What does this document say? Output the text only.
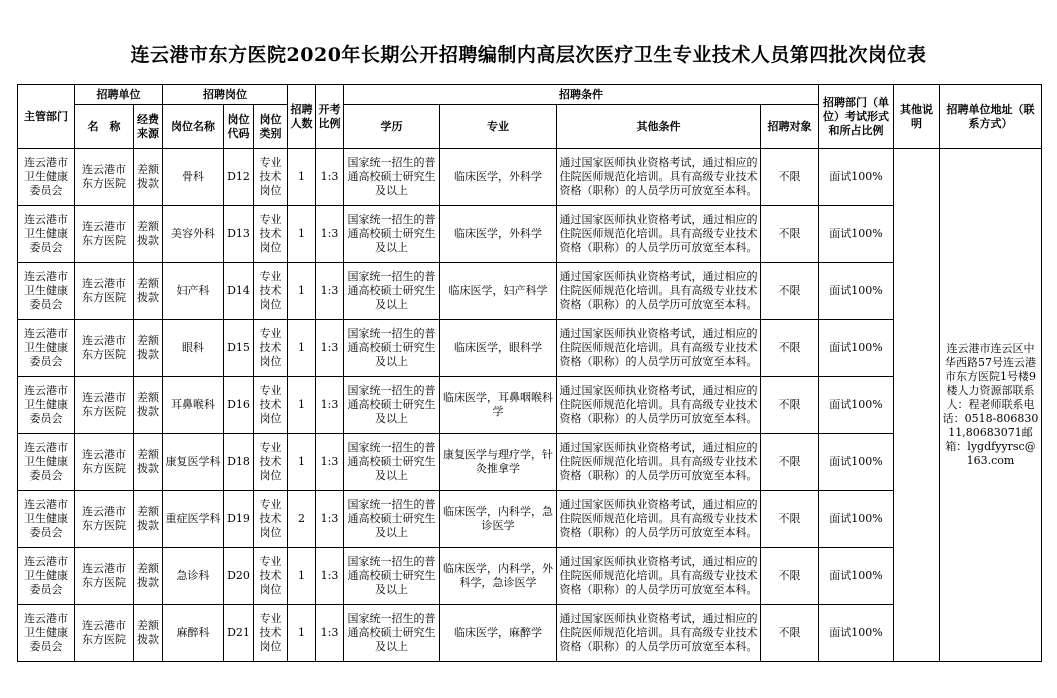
连云港市东方医院2020年长期公开招聘编制内高层次医疗卫生专业技术人员第四批次岗位表
主管部门	招聘单位		招聘岗位			招聘人数	开考比例	招聘条件				招聘部门（单位）考试形式和所占比例	其他说明	招聘单位地址（联系方式）
	名　称	经费来源	岗位名称	岗位代码	岗位类别			学历	专业	其他条件	招聘对象			
连云港市卫生健康委员会	连云港市东方医院	差额拨款	骨科	D12	专业技术岗位	1	1:3	国家统一招生的普通高校硕士研究生及以上	临床医学，外科学	通过国家医师执业资格考试，通过相应的住院医师规范化培训。具有高级专业技术资格（职称）的人员学历可放宽至本科。	不限	面试100%		连云港市连云区中华西路57号连云港市东方医院1号楼9楼人力资源部联系人：程老师联系电话：0518-80683011,80683071邮箱：lygdfyyrsc@163.com
连云港市卫生健康委员会	连云港市东方医院	差额拨款	美容外科	D13	专业技术岗位	1	1:3	国家统一招生的普通高校硕士研究生及以上	临床医学，外科学	通过国家医师执业资格考试，通过相应的住院医师规范化培训。具有高级专业技术资格（职称）的人员学历可放宽至本科。	不限	面试100%		
连云港市卫生健康委员会	连云港市东方医院	差额拨款	妇产科	D14	专业技术岗位	1	1:3	国家统一招生的普通高校硕士研究生及以上	临床医学，妇产科学	通过国家医师执业资格考试，通过相应的住院医师规范化培训。具有高级专业技术资格（职称）的人员学历可放宽至本科。	不限	面试100%		
连云港市卫生健康委员会	连云港市东方医院	差额拨款	眼科	D15	专业技术岗位	1	1:3	国家统一招生的普通高校硕士研究生及以上	临床医学，眼科学	通过国家医师执业资格考试，通过相应的住院医师规范化培训。具有高级专业技术资格（职称）的人员学历可放宽至本科。	不限	面试100%		
连云港市卫生健康委员会	连云港市东方医院	差额拨款	耳鼻喉科	D16	专业技术岗位	1	1:3	国家统一招生的普通高校硕士研究生及以上	临床医学，耳鼻咽喉科学	通过国家医师执业资格考试，通过相应的住院医师规范化培训。具有高级专业技术资格（职称）的人员学历可放宽至本科。	不限	面试100%		
连云港市卫生健康委员会	连云港市东方医院	差额拨款	康复医学科	D18	专业技术岗位	1	1:3	国家统一招生的普通高校硕士研究生及以上	康复医学与理疗学，针灸推拿学	通过国家医师执业资格考试，通过相应的住院医师规范化培训。具有高级专业技术资格（职称）的人员学历可放宽至本科。	不限	面试100%		
连云港市卫生健康委员会	连云港市东方医院	差额拨款	重症医学科	D19	专业技术岗位	2	1:3	国家统一招生的普通高校硕士研究生及以上	临床医学，内科学，急诊医学	通过国家医师执业资格考试，通过相应的住院医师规范化培训。具有高级专业技术资格（职称）的人员学历可放宽至本科。	不限	面试100%		
连云港市卫生健康委员会	连云港市东方医院	差额拨款	急诊科	D20	专业技术岗位	1	1:3	国家统一招生的普通高校硕士研究生及以上	临床医学，内科学，外科学，急诊医学	通过国家医师执业资格考试，通过相应的住院医师规范化培训。具有高级专业技术资格（职称）的人员学历可放宽至本科。	不限	面试100%		
连云港市卫生健康委员会	连云港市东方医院	差额拨款	麻醉科	D21	专业技术岗位	1	1:3	国家统一招生的普通高校硕士研究生及以上	临床医学，麻醉学	通过国家医师执业资格考试，通过相应的住院医师规范化培训。具有高级专业技术资格（职称）的人员学历可放宽至本科。	不限	面试100%		
